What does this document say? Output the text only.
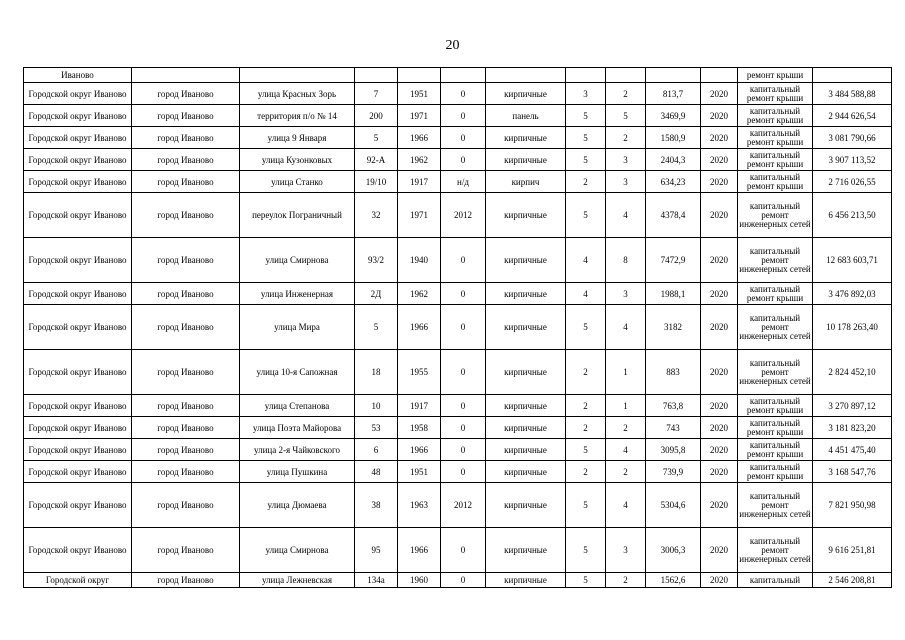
20
Иваново											ремонт крыши	
Городской округ Иваново	город Иваново	улица Красных Зорь	7	1951	0	кирпичные	3	2	813,7	2020	капитальный ремонт крыши	3 484 588,88
Городской округ Иваново	город Иваново	территория п/о № 14	200	1971	0	панель	5	5	3469,9	2020	капитальный ремонт крыши	2 944 626,54
Городской округ Иваново	город Иваново	улица 9 Января	5	1966	0	кирпичные	5	2	1580,9	2020	капитальный ремонт крыши	3 081 790,66
Городской округ Иваново	город Иваново	улица Кузонковых	92-А	1962	0	кирпичные	5	3	2404,3	2020	капитальный ремонт крыши	3 907 113,52
Городской округ Иваново	город Иваново	улица Станко	19/10	1917	н/д	кирпич	2	3	634,23	2020	капитальный ремонт крыши	2 716 026,55
Городской округ Иваново	город Иваново	переулок Пограничный	32	1971	2012	кирпичные	5	4	4378,4	2020	капитальный ремонт инженерных сетей	6 456 213,50
Городской округ Иваново	город Иваново	улица Смирнова	93/2	1940	0	кирпичные	4	8	7472,9	2020	капитальный ремонт инженерных сетей	12 683 603,71
Городской округ Иваново	город Иваново	улица Инженерная	2Д	1962	0	кирпичные	4	3	1988,1	2020	капитальный ремонт крыши	3 476 892,03
Городской округ Иваново	город Иваново	улица Мира	5	1966	0	кирпичные	5	4	3182	2020	капитальный ремонт инженерных сетей	10 178 263,40
Городской округ Иваново	город Иваново	улица 10-я Сапожная	18	1955	0	кирпичные	2	1	883	2020	капитальный ремонт инженерных сетей	2 824 452,10
Городской округ Иваново	город Иваново	улица Степанова	10	1917	0	кирпичные	2	1	763,8	2020	капитальный ремонт крыши	3 270 897,12
Городской округ Иваново	город Иваново	улица Поэта Майорова	53	1958	0	кирпичные	2	2	743	2020	капитальный ремонт крыши	3 181 823,20
Городской округ Иваново	город Иваново	улица 2-я Чайковского	6	1966	0	кирпичные	5	4	3095,8	2020	капитальный ремонт крыши	4 451 475,40
Городской округ Иваново	город Иваново	улица Пушкина	48	1951	0	кирпичные	2	2	739,9	2020	капитальный ремонт крыши	3 168 547,76
Городской округ Иваново	город Иваново	улица Дюмаева	38	1963	2012	кирпичные	5	4	5304,6	2020	капитальный ремонт инженерных сетей	7 821 950,98
Городской округ Иваново	город Иваново	улица Смирнова	95	1966	0	кирпичные	5	3	3006,3	2020	капитальный ремонт инженерных сетей	9 616 251,81
Городской округ	город Иваново	улица Лежневская	134а	1960	0	кирпичные	5	2	1562,6	2020	капитальный	2 546 208,81
